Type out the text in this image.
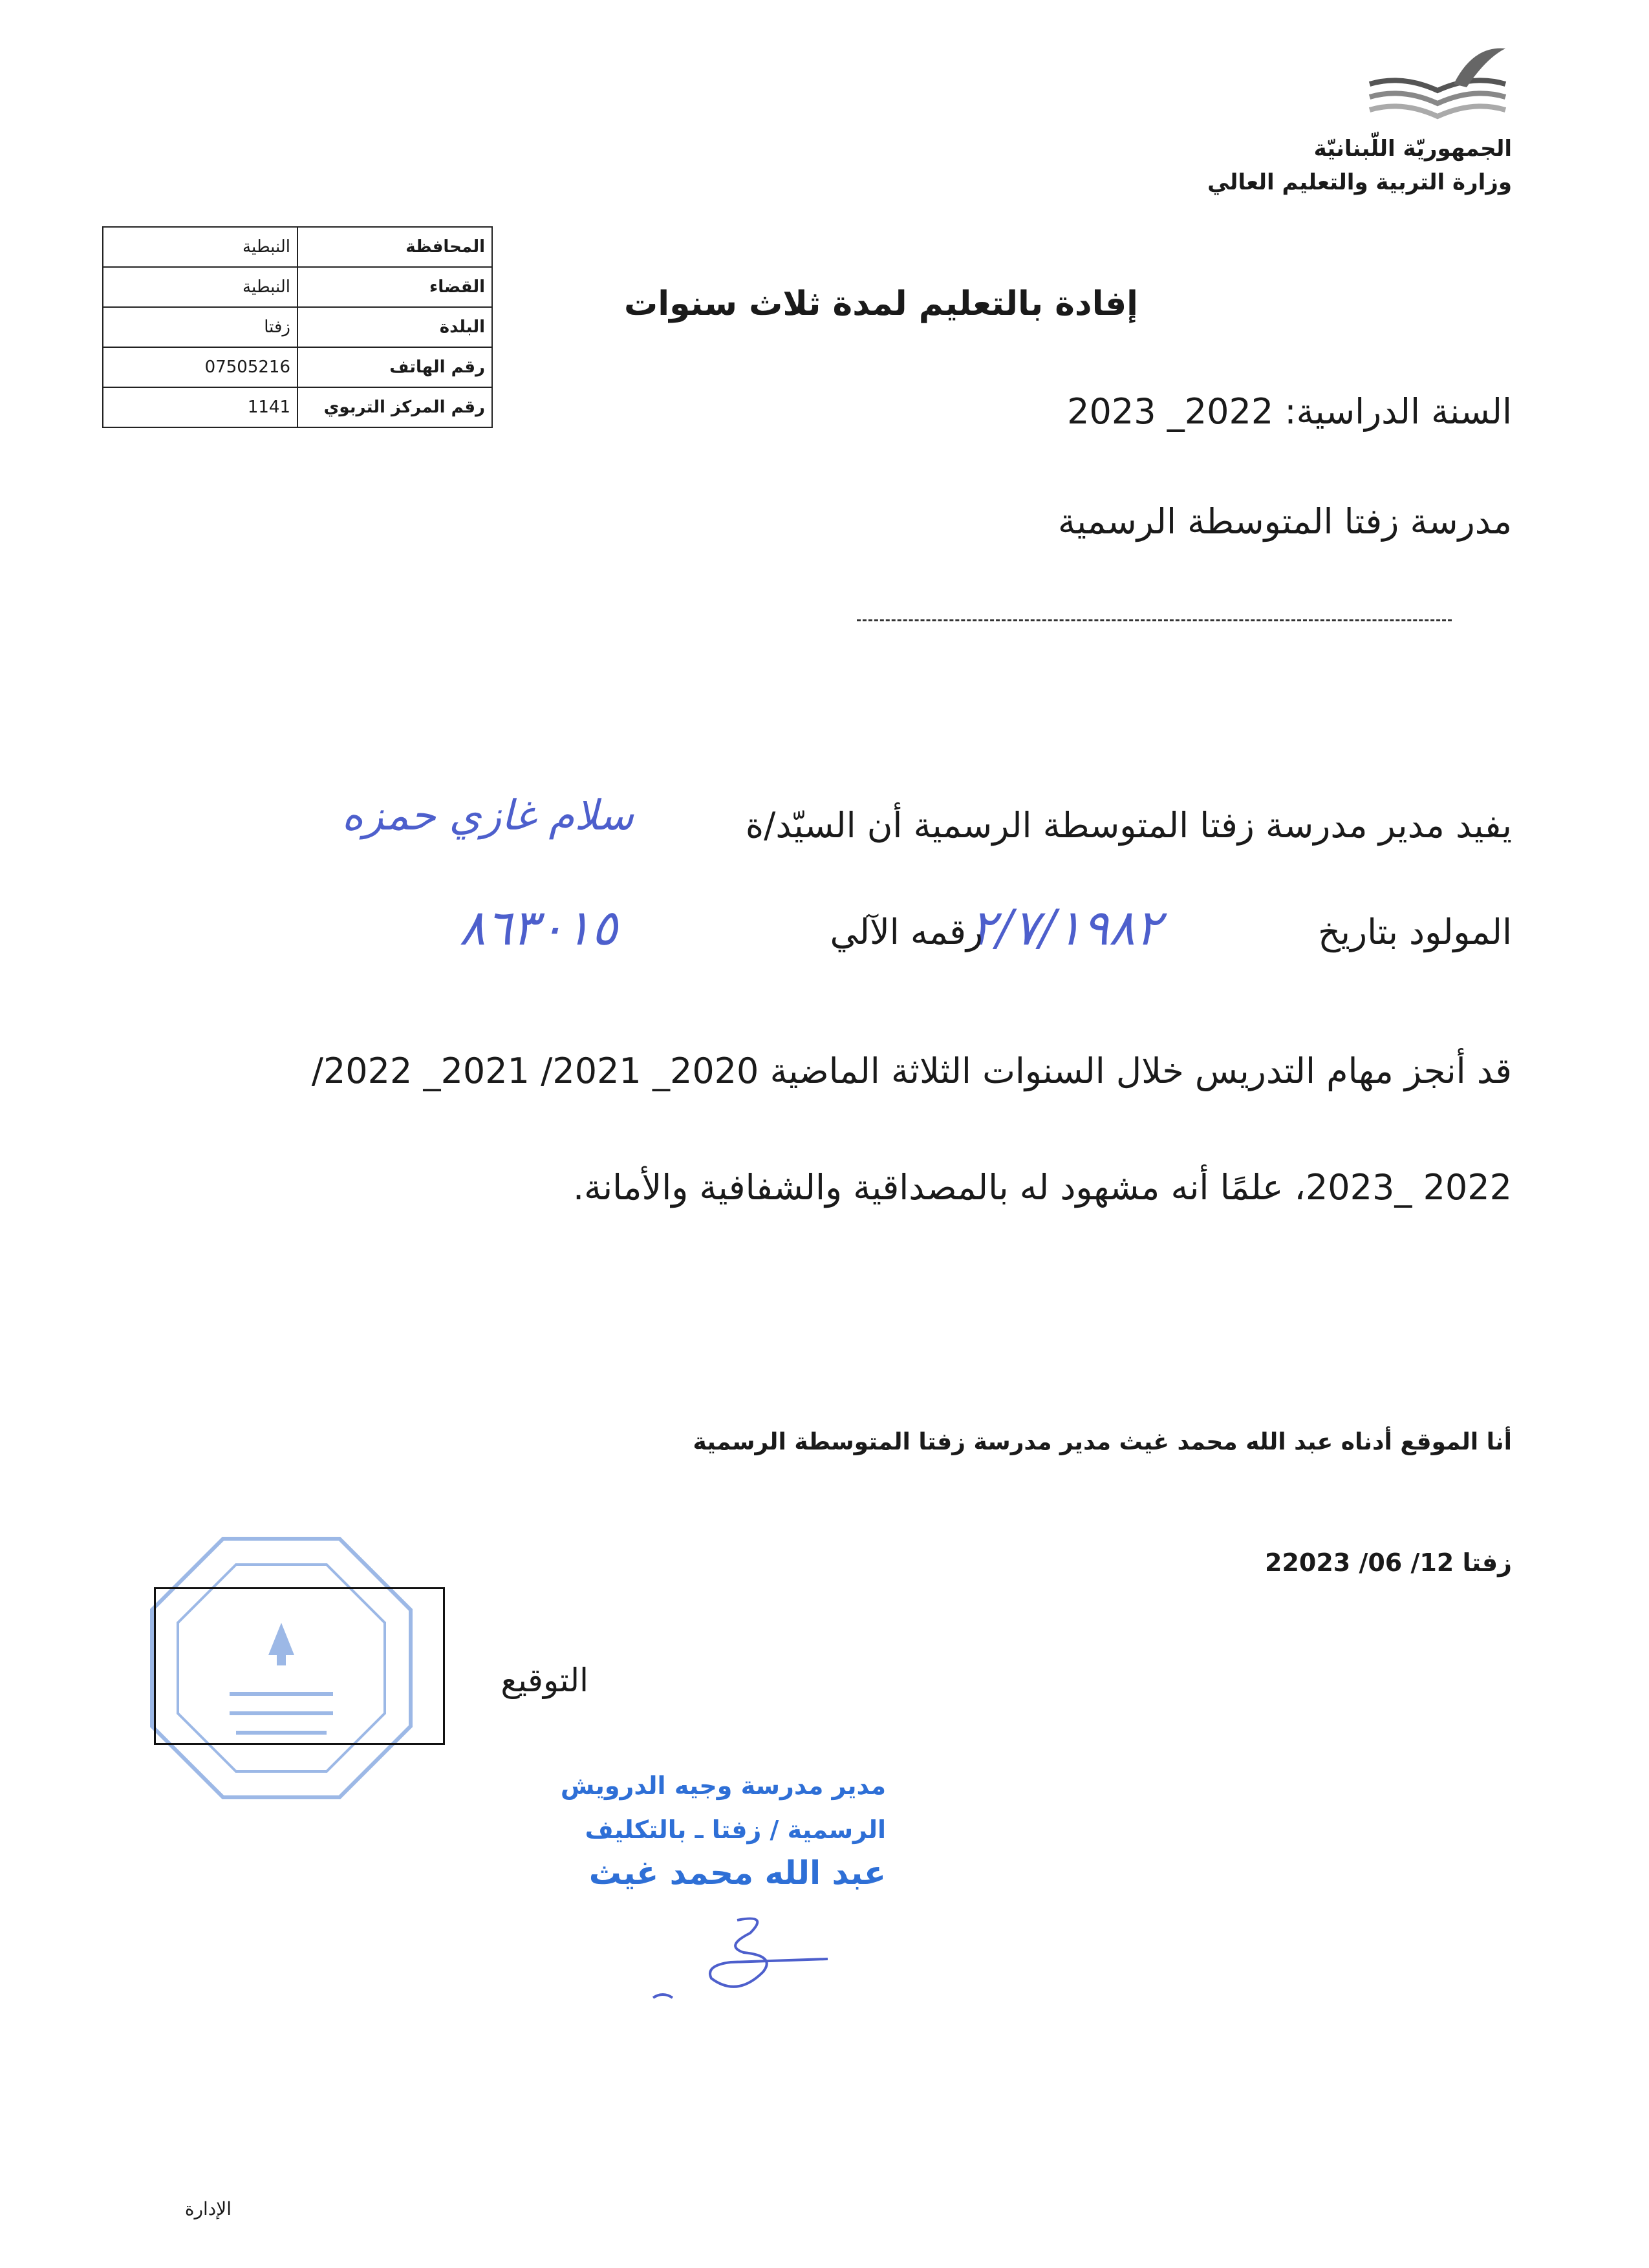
الجمهوريّة اللّبنانيّة
وزارة التربية والتعليم العالي
المحافظة	النبطية
القضاء	النبطية
البلدة	زفتا
رقم الهاتف	07505216
رقم المركز التربوي	1141
إفادة بالتعليم لمدة ثلاث سنوات
السنة الدراسية: 2022_ 2023
مدرسة زفتا المتوسطة الرسمية
يفيد مدير مدرسة زفتا المتوسطة الرسمية أن السيّد/ة
سلام غازي حمزه
المولود بتاريخ
٢/٧/١٩٨٢
رقمه الآلي
٨٦٣٠١٥
قد أنجز مهام التدريس خلال السنوات الثلاثة الماضية 2020_ 2021/ 2021_ 2022/
2022 _2023، علمًا أنه مشهود له بالمصداقية والشفافية والأمانة.
أنا الموقع أدناه عبد الله محمد غيث مدير مدرسة زفتا المتوسطة الرسمية
زفتا 12/ 06/ 22023
التوقيع
مدير مدرسة وجيه الدرويش
الرسمية / زفتا ـ بالتكليف
عبد الله محمد غيث
الإدارة
